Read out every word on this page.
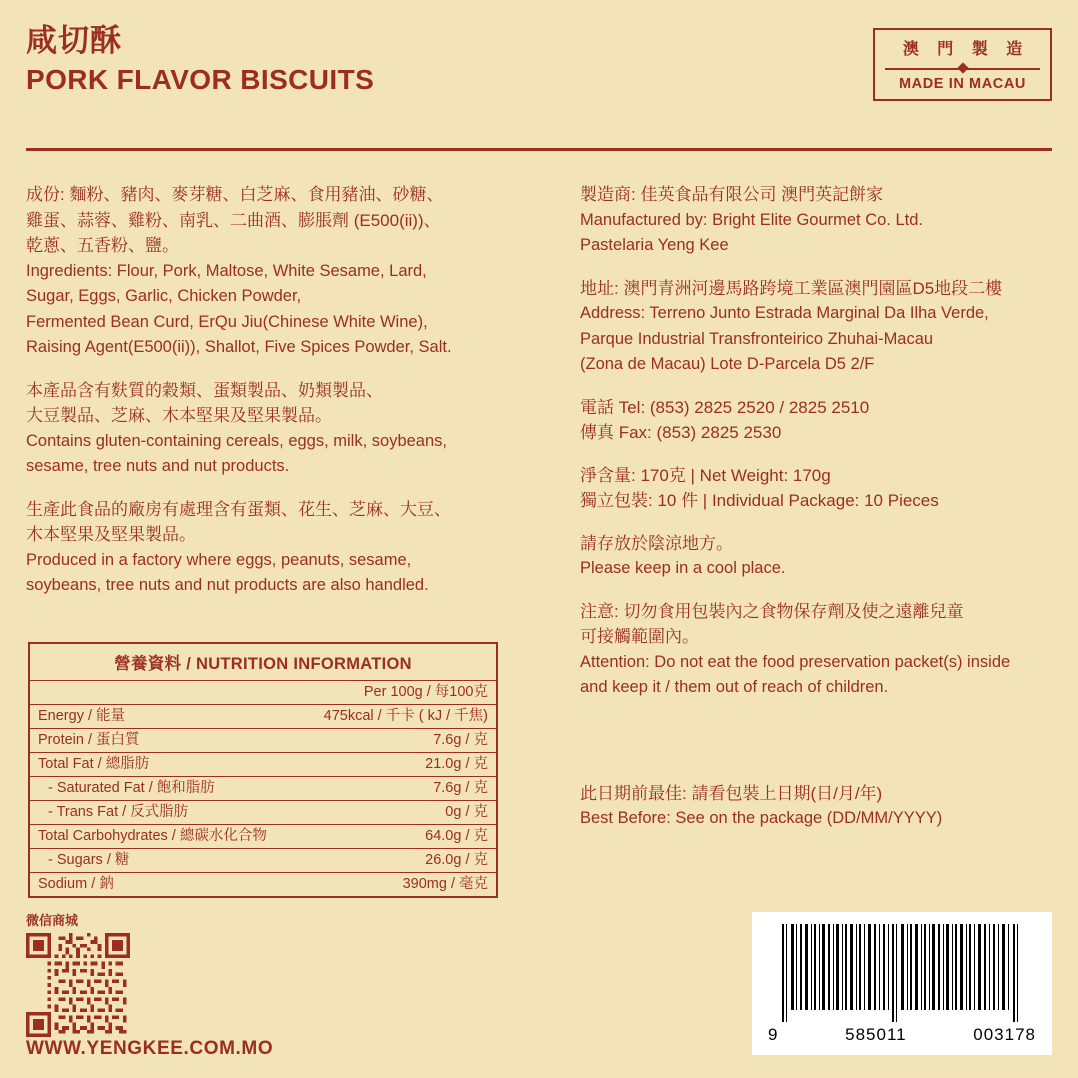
咸切酥
PORK FLAVOR BISCUITS
澳 門 製 造
MADE IN MACAU
成份: 麵粉、豬肉、麥芽糖、白芝麻、食用豬油、砂糖、
雞蛋、蒜蓉、雞粉、南乳、二曲酒、膨脹劑 (E500(ii))、
乾蔥、五香粉、鹽。
Ingredients: Flour, Pork, Maltose, White Sesame, Lard,
Sugar, Eggs, Garlic, Chicken Powder,
Fermented Bean Curd, ErQu Jiu(Chinese White Wine),
Raising Agent(E500(ii)), Shallot, Five Spices Powder, Salt.
本產品含有麩質的穀類、蛋類製品、奶類製品、
大豆製品、芝麻、木本堅果及堅果製品。
Contains gluten-containing cereals, eggs, milk, soybeans,
sesame, tree nuts and nut products.
生產此食品的廠房有處理含有蛋類、花生、芝麻、大豆、
木本堅果及堅果製品。
Produced in a factory where eggs, peanuts, sesame,
soybeans, tree nuts and nut products are also handled.
營養資料 / NUTRITION INFORMATION
Per 100g / 每100克	
Energy / 能量	475kcal / 千卡 ( kJ / 千焦)
Protein / 蛋白質	7.6g / 克
Total Fat / 總脂肪	21.0g / 克
- Saturated Fat / 飽和脂肪	7.6g / 克
- Trans Fat / 反式脂肪	0g / 克
Total Carbohydrates / 總碳水化合物	64.0g / 克
- Sugars / 糖	26.0g / 克
Sodium / 鈉	390mg / 毫克
製造商: 佳英食品有限公司 澳門英記餅家
Manufactured by: Bright Elite Gourmet Co. Ltd.
Pastelaria Yeng Kee
地址: 澳門青洲河邊馬路跨境工業區澳門園區D5地段二樓
Address: Terreno Junto Estrada Marginal Da Ilha Verde,
Parque Industrial Transfronteirico Zhuhai-Macau
(Zona de Macau) Lote D-Parcela D5 2/F
電話 Tel: (853) 2825 2520 / 2825 2510
傳真 Fax: (853) 2825 2530
淨含量: 170克 | Net Weight: 170g
獨立包裝: 10 件 | Individual Package: 10 Pieces
請存放於陰涼地方。
Please keep in a cool place.
注意: 切勿食用包裝內之食物保存劑及使之遠離兒童
可接觸範圍內。
Attention: Do not eat the food preservation packet(s) inside
and keep it / them out of reach of children.
此日期前最佳: 請看包裝上日期(日/月/年)
Best Before: See on the package (DD/MM/YYYY)
微信商城
WWW.YENGKEE.COM.MO
9	585011	003178
